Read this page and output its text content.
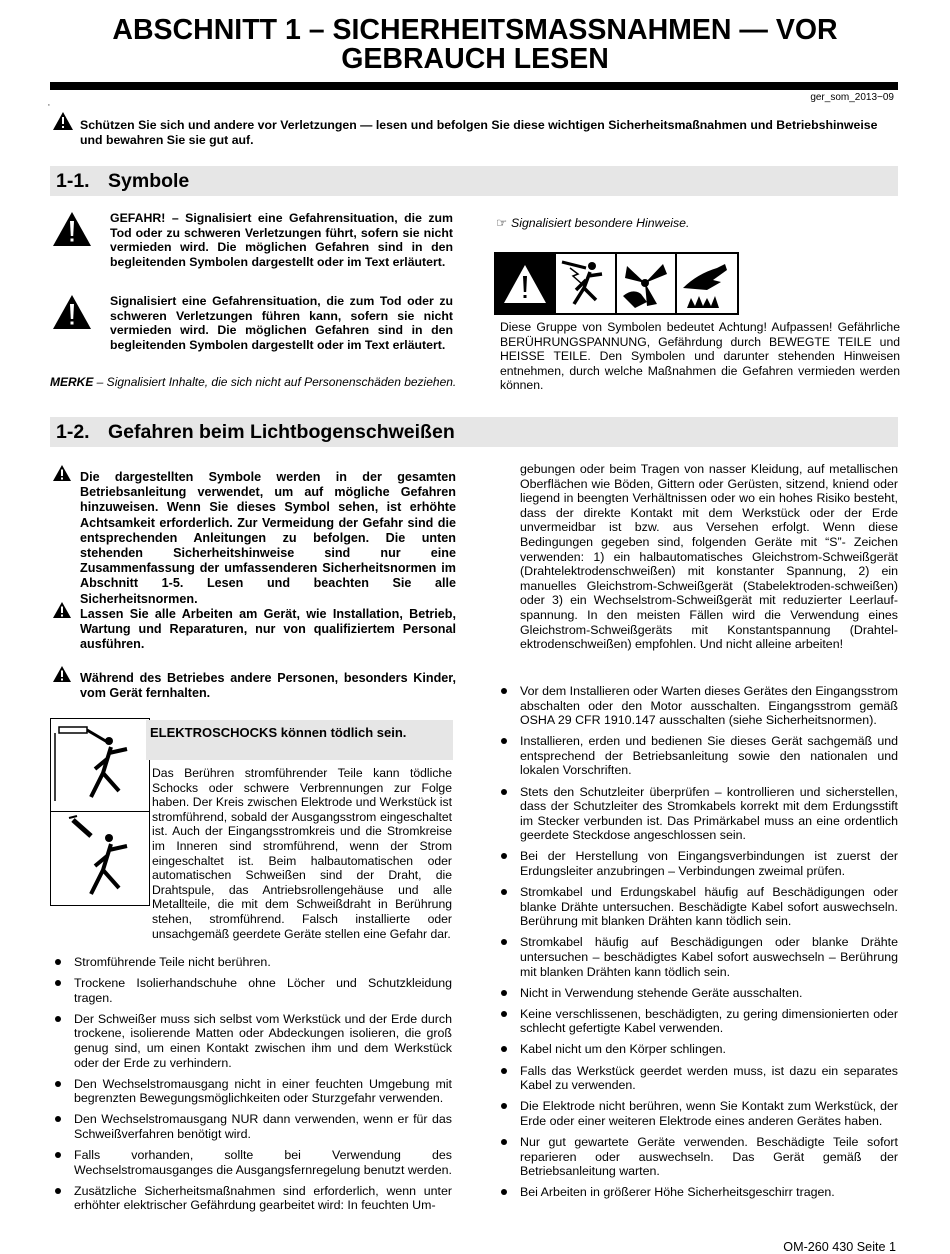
ABSCHNITT 1 – SICHERHEITSMASSNAHMEN — VOR
GEBRAUCH LESEN
ger_som_2013−09
‚

Schützen Sie sich und andere vor Verletzungen — lesen und befolgen Sie diese wichtigen Sicherheitsmaßnahmen und Betriebshinweise und bewahren Sie sie gut auf.

1-1. Symbole

GEFAHR! – Signalisiert eine Gefahrensituation, die zum Tod oder zu schweren Verletzungen führt, sofern sie nicht vermieden wird. Die möglichen Gefahren sind in den begleitenden Symbolen dargestellt oder im Text erläutert.

Signalisiert eine Gefahrensituation, die zum Tod oder zu schweren Verletzungen führen kann, sofern sie nicht vermieden wird. Die möglichen Gefahren sind in den begleitenden Symbolen dargestellt oder im Text erläutert.

MERKE – Signalisiert Inhalte, die sich nicht auf Personenschäden beziehen.
☞ Signalisiert besondere Hinweise.
Diese Gruppe von Symbolen bedeutet Achtung! Aufpassen! Gefährliche BERÜHRUNGSPANNUNG, Gefährdung durch BEWEGTE TEILE und HEISSE TEILE. Den Symbolen und darunter stehenden Hinweisen entnehmen, durch welche Maßnahmen die Gefahren vermieden werden können.
1-2. Gefahren beim Lichtbogenschweißen
Die dargestellten Symbole werden in der gesamten Betriebsanleitung verwendet, um auf mögliche Gefahren hinzuweisen. Wenn Sie dieses Symbol sehen, ist erhöhte Achtsamkeit erforderlich. Zur Vermeidung der Gefahr sind die entsprechenden Anleitungen zu befolgen. Die unten stehenden Sicherheitshinweise sind nur eine Zusammenfassung der umfassenderen Sicherheitsnormen im Abschnitt 1-5. Lesen und beachten Sie alle Sicherheitsnormen.
Lassen Sie alle Arbeiten am Gerät, wie Installation, Betrieb, Wartung und Reparaturen, nur von qualifiziertem Personal ausführen.
Während des Betriebes andere Personen, besonders Kinder, vom Gerät fernhalten.
ELEKTROSCHOCKS können tödlich sein.
Das Berühren stromführender Teile kann tödliche Schocks oder schwere Verbrennungen zur Folge haben. Der Kreis zwischen Elektrode und Werkstück ist stromführend, sobald der Ausgangsstrom eingeschaltet ist. Auch der Eingangsstromkreis und die Stromkreise im Inneren sind stromführend, wenn der Strom eingeschaltet ist. Beim halbautomatischen oder automatischen Schweißen sind der Draht, die Drahtspule, das Antriebsrollengehäuse und alle Metallteile, die mit dem Schweißdraht in Berührung stehen, stromführend. Falsch installierte oder unsachgemäß geerdete Geräte stellen eine Gefahr dar.
Stromführende Teile nicht berühren.
Trockene Isolierhandschuhe ohne Löcher und Schutzkleidung tragen.
Der Schweißer muss sich selbst vom Werkstück und der Erde durch trockene, isolierende Matten oder Abdeckungen isolieren, die groß genug sind, um einen Kontakt zwischen ihm und dem Werkstück oder der Erde zu verhindern.
Den Wechselstromausgang nicht in einer feuchten Umgebung mit begrenzten Bewegungsmöglichkeiten oder Sturzgefahr verwenden.
Den Wechselstromausgang NUR dann verwenden, wenn er für das Schweißverfahren benötigt wird.
Falls vorhanden, sollte bei Verwendung des Wechselstromausganges die Ausgangsfernregelung benutzt werden.
Zusätzliche Sicherheitsmaßnahmen sind erforderlich, wenn unter erhöhter elektrischer Gefährdung gearbeitet wird: In feuchten Um-
gebungen oder beim Tragen von nasser Kleidung, auf metallischen Oberflächen wie Böden, Gittern oder Gerüsten, sitzend, kniend oder liegend in beengten Verhältnissen oder wo ein hohes Risiko besteht, dass der direkte Kontakt mit dem Werkstück oder der Erde unvermeidbar ist bzw. aus Versehen erfolgt. Wenn diese Bedingungen gegeben sind, folgenden Geräte mit “S”- Zeichen verwenden: 1) ein halbautomatisches Gleichstrom-Schweißgerät (Drahtelektrodenschweißen) mit konstanter Spannung, 2) ein manuelles Gleichstrom-Schweißgerät (Stabelektroden-schweißen) oder 3) ein Wechselstrom-Schweißgerät mit reduzierter Leerlauf- spannung. In den meisten Fällen wird die Verwendung eines Gleichstrom-Schweißgeräts mit Konstantspannung (Drahtel- ektrodenschweißen) empfohlen. Und nicht alleine arbeiten!
Vor dem Installieren oder Warten dieses Gerätes den Eingangsstrom abschalten oder den Motor ausschalten. Eingangsstrom gemäß OSHA 29 CFR 1910.147 ausschalten (siehe Sicherheitsnormen).
Installieren, erden und bedienen Sie dieses Gerät sachgemäß und entsprechend der Betriebsanleitung sowie den nationalen und lokalen Vorschriften.
Stets den Schutzleiter überprüfen – kontrollieren und sicherstellen, dass der Schutzleiter des Stromkabels korrekt mit dem Erdungsstift im Stecker verbunden ist. Das Primärkabel muss an eine ordentlich geerdete Steckdose angeschlossen sein.
Bei der Herstellung von Eingangsverbindungen ist zuerst der Erdungsleiter anzubringen – Verbindungen zweimal prüfen.
Stromkabel und Erdungskabel häufig auf Beschädigungen oder blanke Drähte untersuchen. Beschädigte Kabel sofort auswechseln. Berührung mit blanken Drähten kann tödlich sein.
Stromkabel häufig auf Beschädigungen oder blanke Drähte untersuchen – beschädigtes Kabel sofort auswechseln – Berührung mit blanken Drähten kann tödlich sein.
Nicht in Verwendung stehende Geräte ausschalten.
Keine verschlissenen, beschädigten, zu gering dimensionierten oder schlecht gefertigte Kabel verwenden.
Kabel nicht um den Körper schlingen.
Falls das Werkstück geerdet werden muss, ist dazu ein separates Kabel zu verwenden.
Die Elektrode nicht berühren, wenn Sie Kontakt zum Werkstück, der Erde oder einer weiteren Elektrode eines anderen Gerätes haben.
Nur gut gewartete Geräte verwenden. Beschädigte Teile sofort reparieren oder auswechseln. Das Gerät gemäß der Betriebsanleitung warten.
Bei Arbeiten in größerer Höhe Sicherheitsgeschirr tragen.
OM-260 430 Seite 1
